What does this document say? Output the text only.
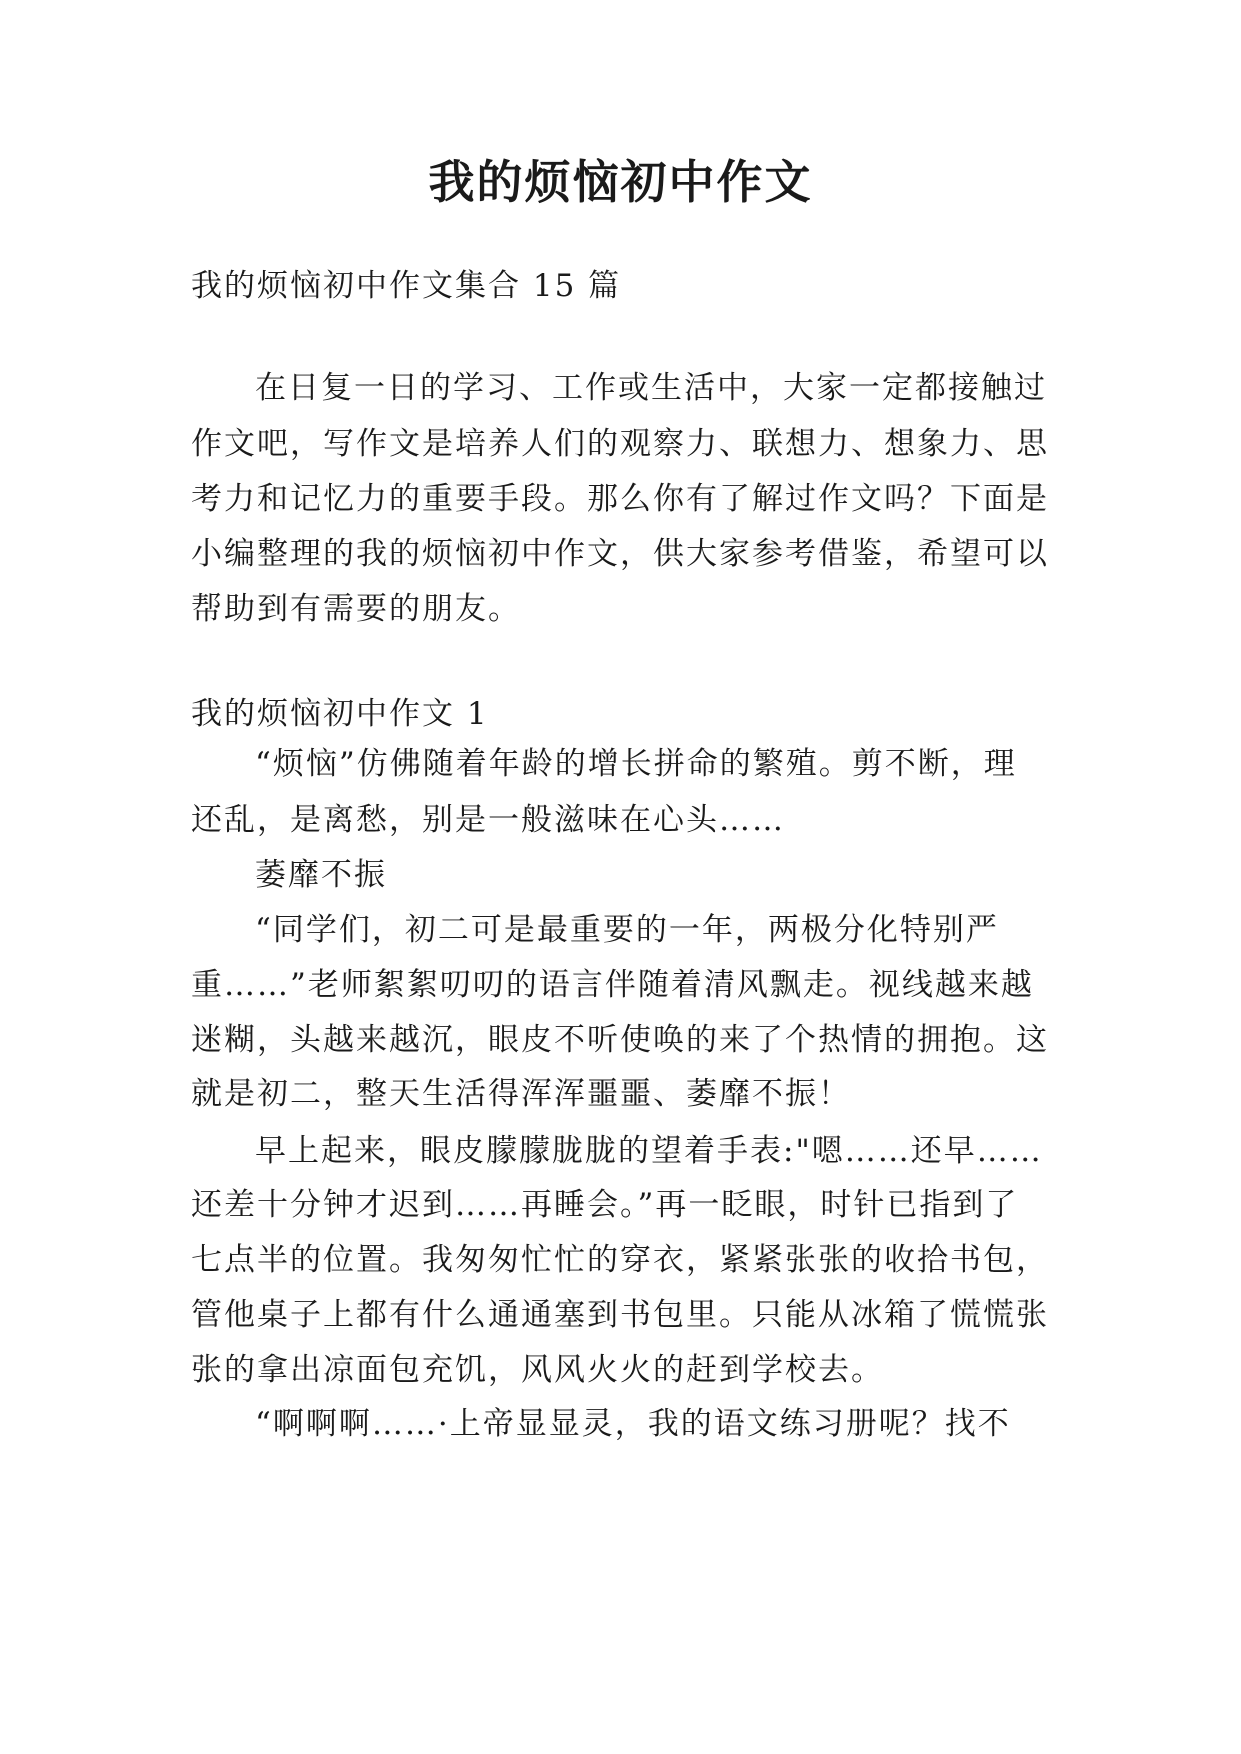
我的烦恼初中作文

我的烦恼初中作文集合 15 篇

在日复一日的学习、工作或生活中，大家一定都接触过

作文吧，写作文是培养人们的观察力、联想力、想象力、思

考力和记忆力的重要手段。那么你有了解过作文吗？下面是

小编整理的我的烦恼初中作文，供大家参考借鉴，希望可以

帮助到有需要的朋友。

我的烦恼初中作文 1

“烦恼”仿佛随着年龄的增长拼命的繁殖。剪不断，理

还乱，是离愁，别是一般滋味在心头……

萎靡不振

“同学们，初二可是最重要的一年，两极分化特别严

重……”老师絮絮叨叨的语言伴随着清风飘走。视线越来越

迷糊，头越来越沉，眼皮不听使唤的来了个热情的拥抱。这

就是初二，整天生活得浑浑噩噩、萎靡不振！

早上起来，眼皮朦朦胧胧的望着手表:"嗯……还早……

还差十分钟才迟到……再睡会。”再一眨眼，时针已指到了

七点半的位置。我匆匆忙忙的穿衣，紧紧张张的收拾书包，

管他桌子上都有什么通通塞到书包里。只能从冰箱了慌慌张

张的拿出凉面包充饥，风风火火的赶到学校去。

“啊啊啊……·上帝显显灵，我的语文练习册呢？找不
